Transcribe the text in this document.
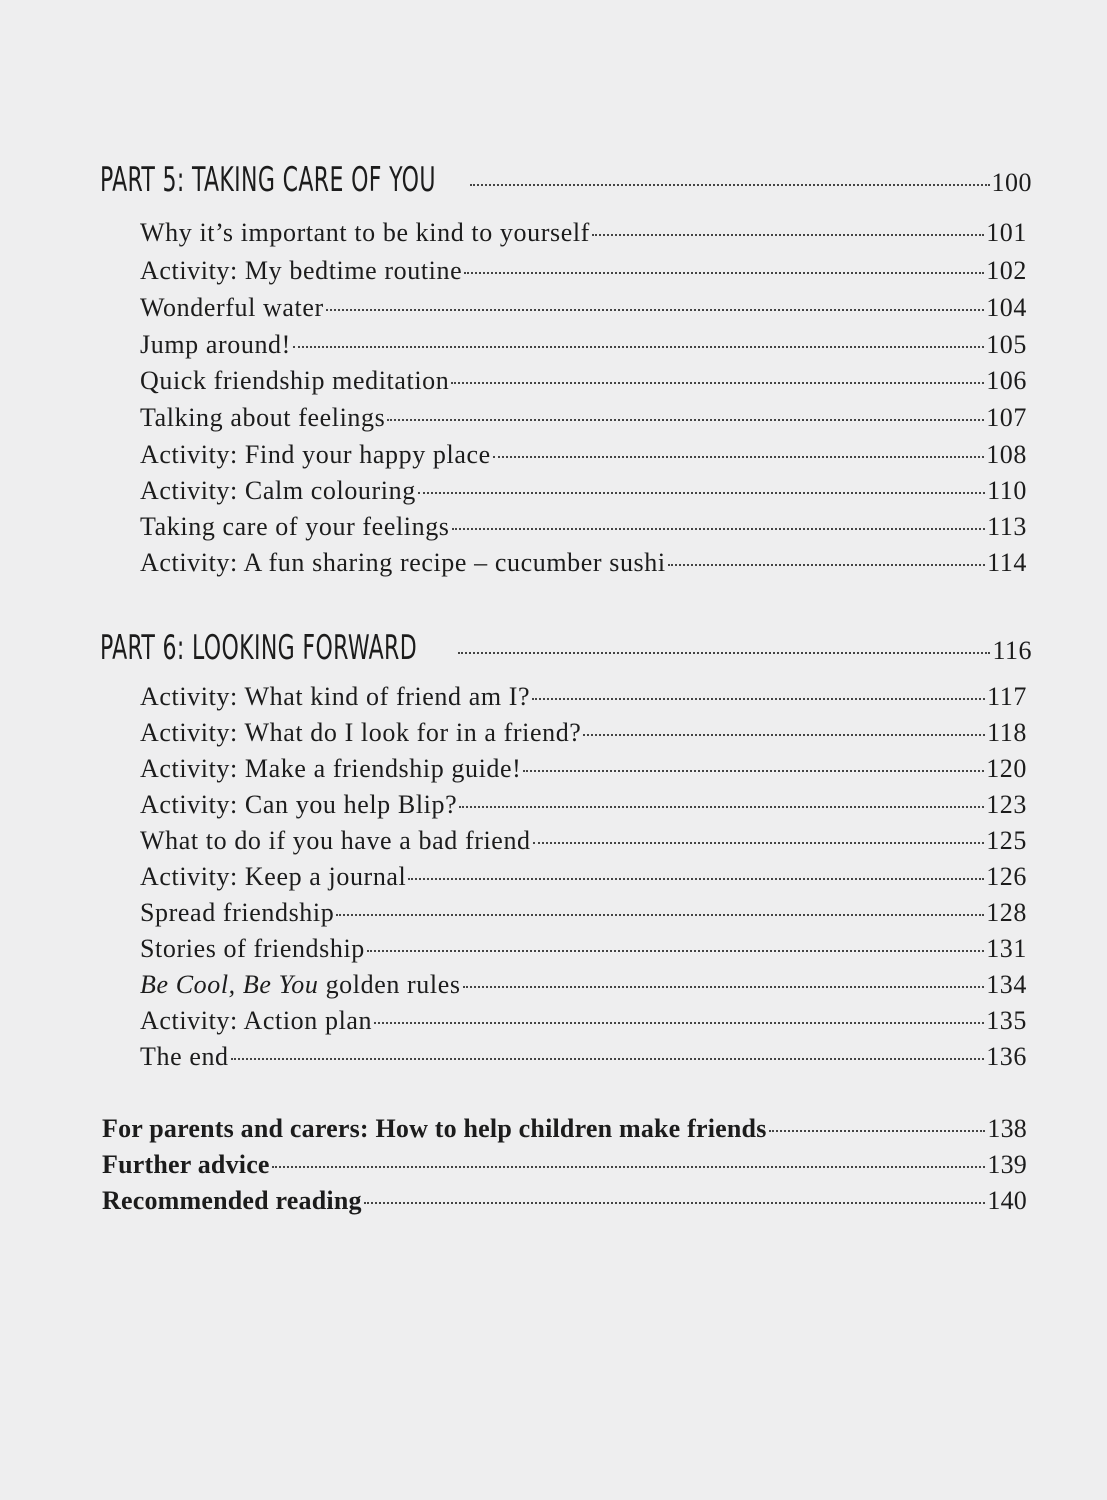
PART 5: TAKING CARE OF YOU	100
Why it’s important to be kind to yourself	101
Activity: My bedtime routine	102
Wonderful water	104
Jump around!	105
Quick friendship meditation	106
Talking about feelings	107
Activity: Find your happy place	108
Activity: Calm colouring	110
Taking care of your feelings	113
Activity: A fun sharing recipe – cucumber sushi	114
PART 6: LOOKING FORWARD	116
Activity: What kind of friend am I?	117
Activity: What do I look for in a friend?	118
Activity: Make a friendship guide!	120
Activity: Can you help Blip?	123
What to do if you have a bad friend	125
Activity: Keep a journal	126
Spread friendship	128
Stories of friendship	131
Be Cool, Be You golden rules	134
Activity: Action plan	135
The end	136
For parents and carers: How to help children make friends	138
Further advice	139
Recommended reading	140
